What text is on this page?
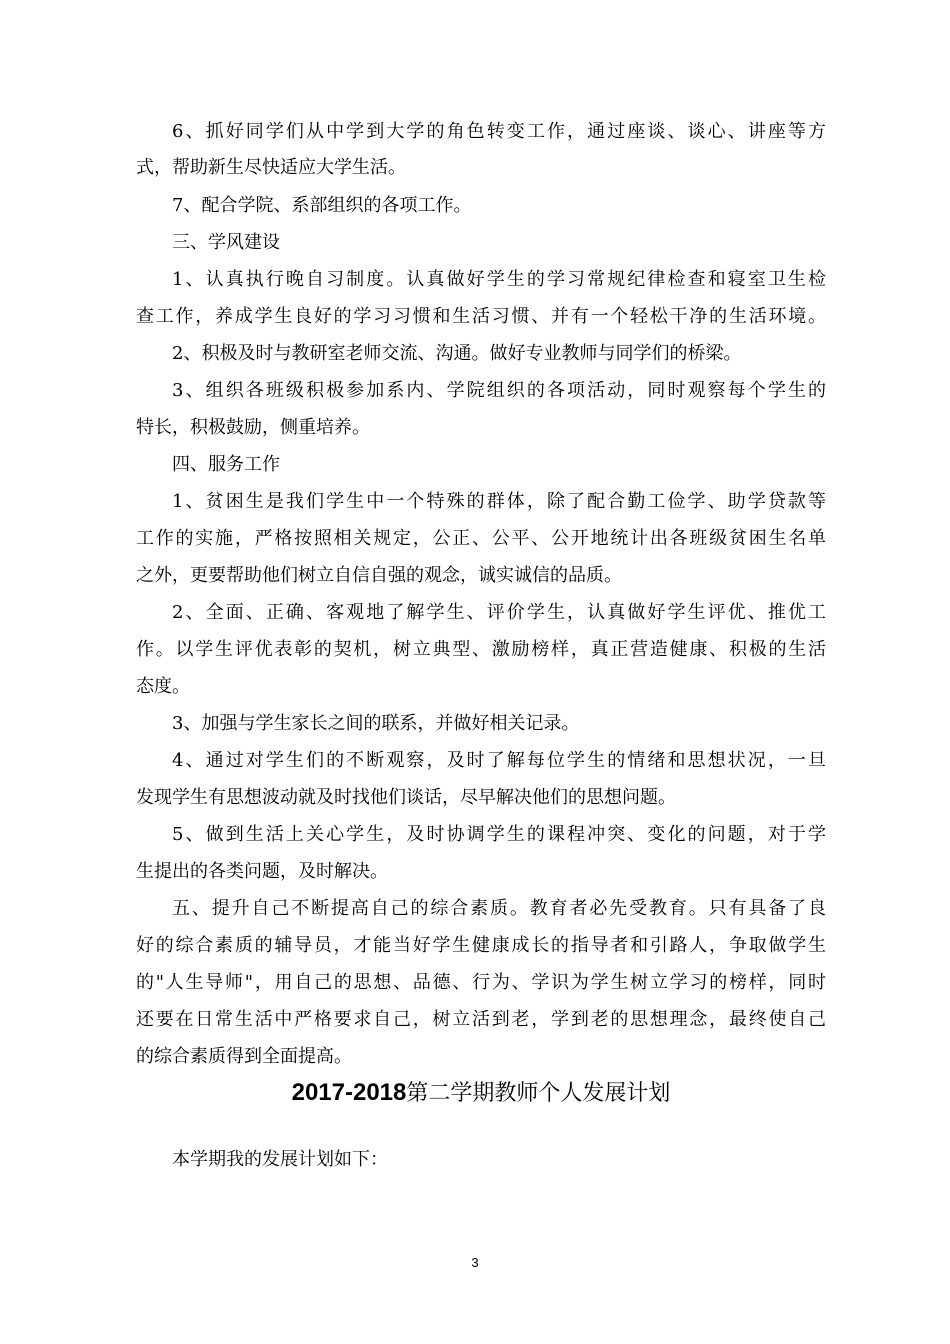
6、抓好同学们从中学到大学的角色转变工作，通过座谈、谈心、讲座等方
式，帮助新生尽快适应大学生活。
7、配合学院、系部组织的各项工作。
三、学风建设
1、认真执行晚自习制度。认真做好学生的学习常规纪律检查和寝室卫生检
查工作，养成学生良好的学习习惯和生活习惯、并有一个轻松干净的生活环境。
2、积极及时与教研室老师交流、沟通。做好专业教师与同学们的桥梁。
3、组织各班级积极参加系内、学院组织的各项活动，同时观察每个学生的
特长，积极鼓励，侧重培养。
四、服务工作
1、贫困生是我们学生中一个特殊的群体，除了配合勤工俭学、助学贷款等
工作的实施，严格按照相关规定，公正、公平、公开地统计出各班级贫困生名单
之外，更要帮助他们树立自信自强的观念，诚实诚信的品质。
2、全面、正确、客观地了解学生、评价学生，认真做好学生评优、推优工
作。以学生评优表彰的契机，树立典型、激励榜样，真正营造健康、积极的生活
态度。
3、加强与学生家长之间的联系，并做好相关记录。
4、通过对学生们的不断观察，及时了解每位学生的情绪和思想状况，一旦
发现学生有思想波动就及时找他们谈话，尽早解决他们的思想问题。
5、做到生活上关心学生，及时协调学生的课程冲突、变化的问题，对于学
生提出的各类问题，及时解决。
五、提升自己不断提高自己的综合素质。教育者必先受教育。只有具备了良
好的综合素质的辅导员，才能当好学生健康成长的指导者和引路人，争取做学生
的"人生导师"，用自己的思想、品德、行为、学识为学生树立学习的榜样，同时
还要在日常生活中严格要求自己，树立活到老，学到老的思想理念，最终使自己
的综合素质得到全面提高。
2017-2018第二学期教师个人发展计划
本学期我的发展计划如下：
3
